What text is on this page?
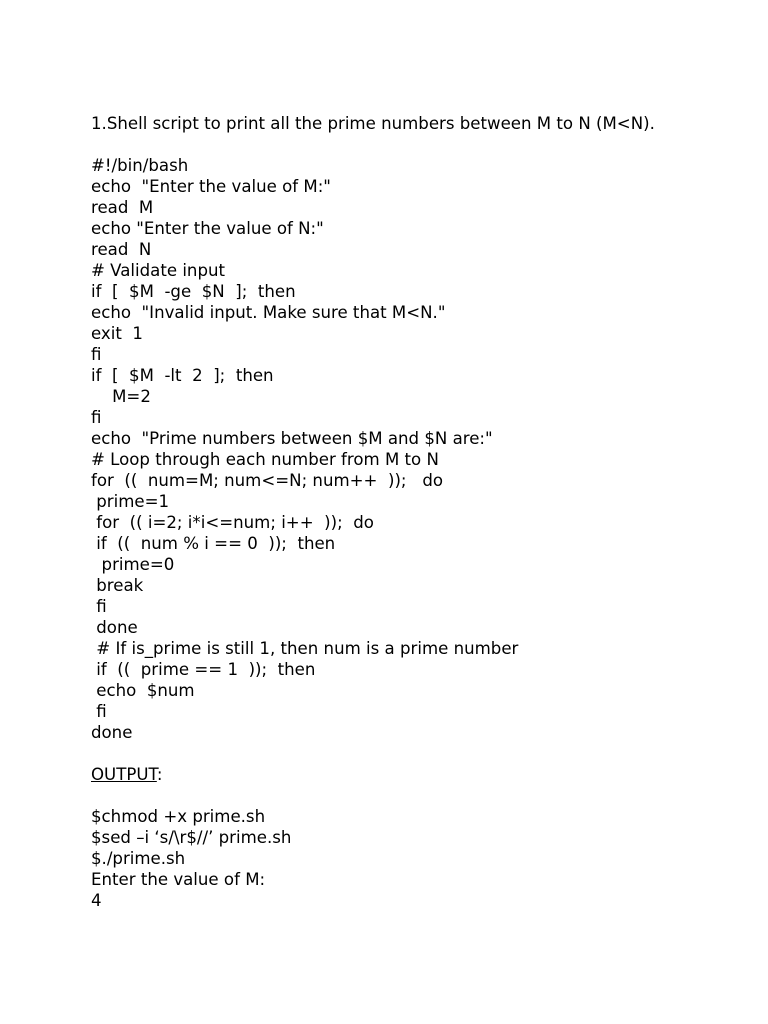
1.Shell script to print all the prime numbers between M to N (M<N).
#!/bin/bash
echo  "Enter the value of M:"
read  M
echo "Enter the value of N:"
read  N
# Validate input
if  [  $M  -ge  $N  ];  then
echo  "Invalid input. Make sure that M<N."
exit  1
fi
if  [  $M  -lt  2  ];  then
M=2
fi
echo  "Prime numbers between $M and $N are:"
# Loop through each number from M to N
for  ((  num=M; num<=N; num++  ));   do
prime=1
for  (( i=2; i*i<=num; i++  ));  do
if  ((  num % i == 0  ));  then
prime=0
break
fi
done
# If is_prime is still 1, then num is a prime number
if  ((  prime == 1  ));  then
echo  $num
fi
done
OUTPUT:
$chmod +x prime.sh
$sed –i ‘s/\r$//’ prime.sh
$./prime.sh
Enter the value of M:
4
